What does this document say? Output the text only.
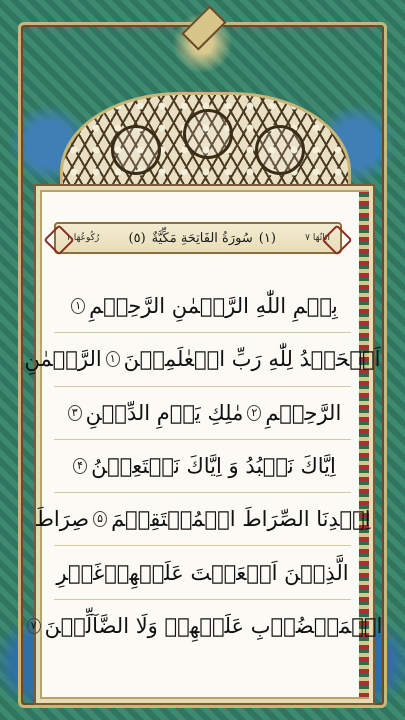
ايَاتُهَا ٧
(١)
سُورَةُ الفَاتِحَةِ مَكِّيَّةٌ
(٥)
رُكُوعُهَا ١
بِسۡمِ اللّٰهِ الرَّحۡمٰنِ الرَّحِیۡمِ
۱
اَلۡحَمۡدُ لِلّٰهِ رَبِّ الۡعٰلَمِیۡنَ
۱
الرَّحۡمٰنِ
الرَّحِیۡمِ
۲
مٰلِكِ یَوۡمِ الدِّیۡنِ
۳
اِیَّاكَ نَعۡبُدُ وَ اِیَّاكَ نَسۡتَعِیۡنُ
۴
اِهۡدِنَا الصِّرَاطَ الۡمُسۡتَقِیۡمَ
۵
صِرَاطَ
الَّذِیۡنَ اَنۡعَمۡتَ عَلَیۡهِمۡ
غَیۡرِ
الۡمَغۡضُوۡبِ عَلَیۡهِمۡ وَلَا الضَّآلِّیۡنَ
۷
